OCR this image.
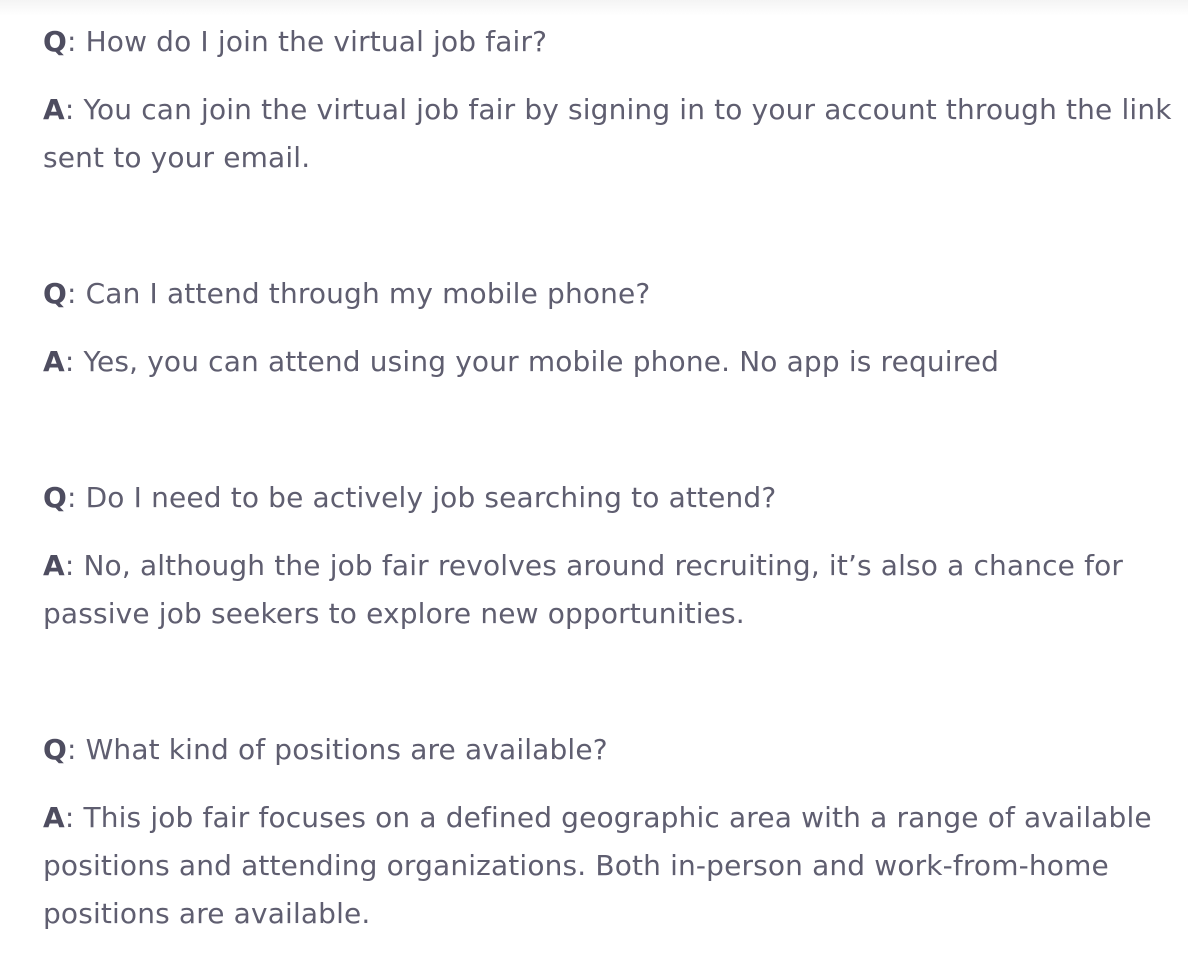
Q: How do I join the virtual job fair?

A: You can join the virtual job fair by signing in to your account through the link sent to your email.

Q: Can I attend through my mobile phone?

A: Yes, you can attend using your mobile phone. No app is required

Q: Do I need to be actively job searching to attend?

A: No, although the job fair revolves around recruiting, it’s also a chance for passive job seekers to explore new opportunities.

Q: What kind of positions are available?

A: This job fair focuses on a defined geographic area with a range of available positions and attending organizations. Both in-person and work-from-home positions are available.
